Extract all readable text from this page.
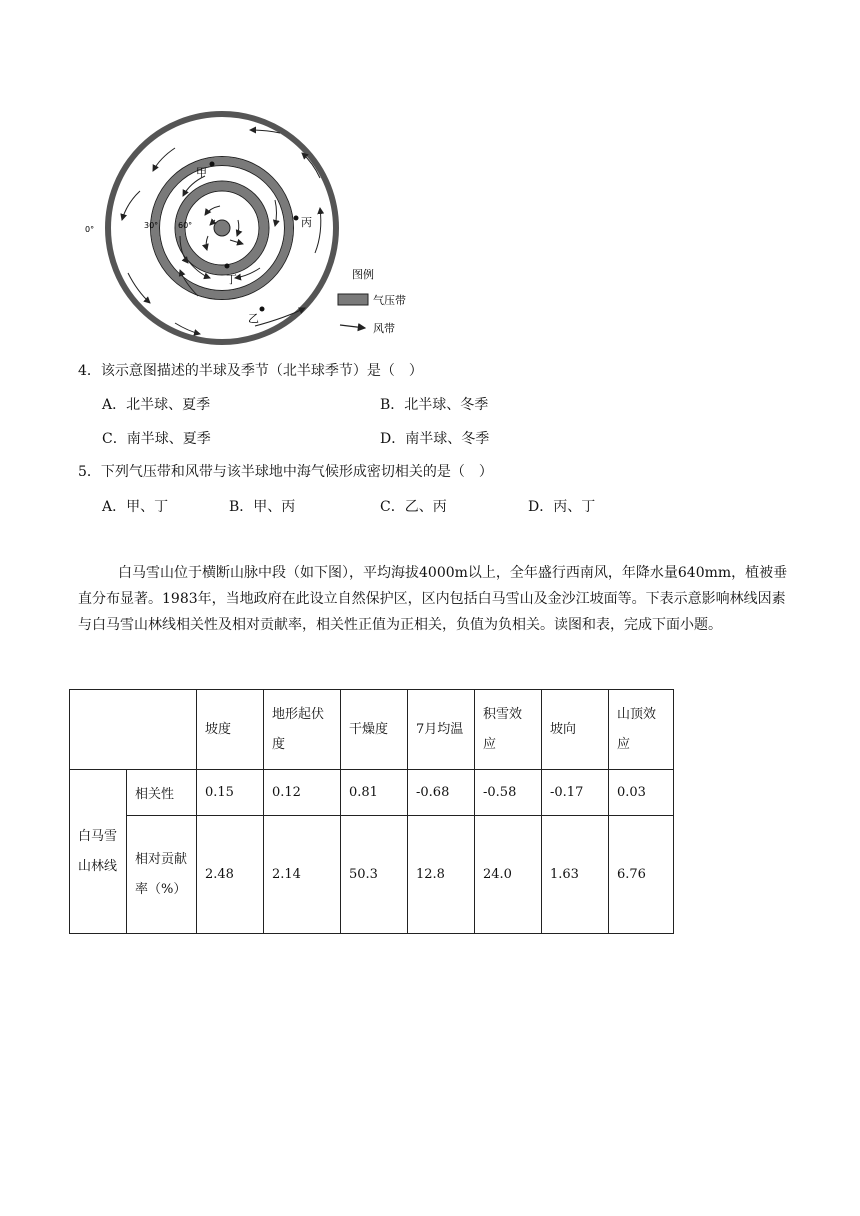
甲
丙
丁
乙
0°	30° 60°
图例
气压带
风带
4．该示意图描述的半球及季节（北半球季节）是（　）
A．北半球、夏季	B．北半球、冬季
C．南半球、夏季	D．南半球、冬季
5．下列气压带和风带与该半球地中海气候形成密切相关的是（　）
A．甲、丁	B．甲、丙	C．乙、丙	D．丙、丁
白马雪山位于横断山脉中段（如下图），平均海拔4000m以上，全年盛行西南风，年降水量640mm，植被垂直分布显著。1983年，当地政府在此设立自然保护区，区内包括白马雪山及金沙江坡面等。下表示意影响林线因素与白马雪山林线相关性及相对贡献率，相关性正值为正相关，负值为负相关。读图和表，完成下面小题。
		坡度	地形起伏度	干燥度	7月均温	积雪效应	坡向	山顶效应
白马雪山林线	相关性	0.15	0.12	0.81	-0.68	-0.58	-0.17	0.03
	相对贡献率（%）	2.48	2.14	50.3	12.8	24.0	1.63	6.76
